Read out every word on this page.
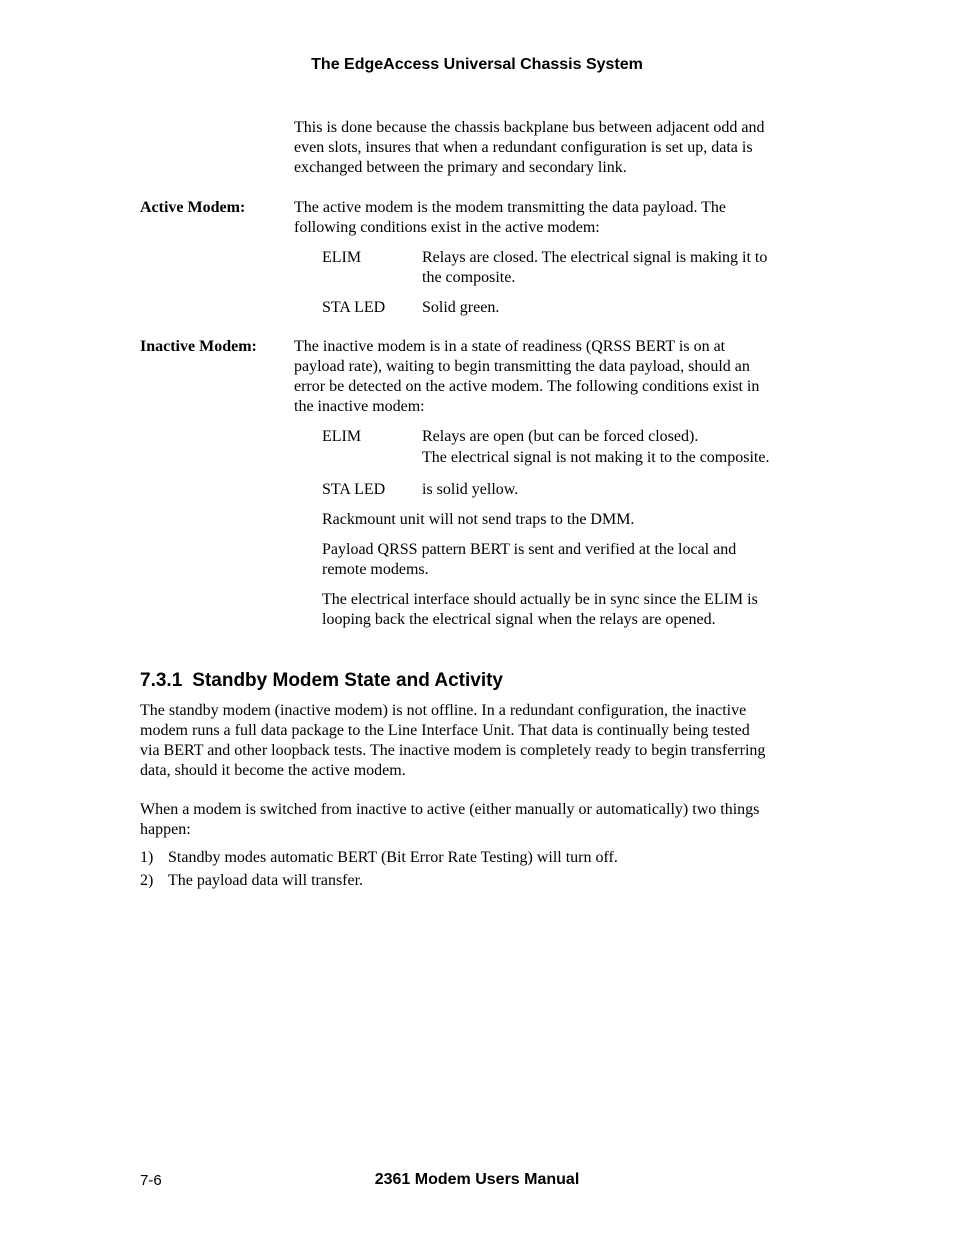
The EdgeAccess Universal Chassis System
This is done because the chassis backplane bus between adjacent odd and
even slots, insures that when a redundant configuration is set up, data is
exchanged between the primary and secondary link.
Active Modem:	The active modem is the modem transmitting the data payload. The
following conditions exist in the active modem:
ELIM	Relays are closed. The electrical signal is making it to
the composite.
STA LED Solid green.
Inactive Modem: The inactive modem is in a state of readiness (QRSS BERT is on at
payload rate), waiting to begin transmitting the data payload, should an
error be detected on the active modem. The following conditions exist in
the inactive modem:
ELIM	Relays are open (but can be forced closed).
The electrical signal is not making it to the composite.
STA LED is solid yellow.
Rackmount unit will not send traps to the DMM.
Payload QRSS pattern BERT is sent and verified at the local and
remote modems.
The electrical interface should actually be in sync since the ELIM is
looping back the electrical signal when the relays are opened.
7.3.1 Standby Modem State and Activity
The standby modem (inactive modem) is not offline. In a redundant configuration, the inactive
modem runs a full data package to the Line Interface Unit. That data is continually being tested
via BERT and other loopback tests. The inactive modem is completely ready to begin transferring
data, should it become the active modem.
When a modem is switched from inactive to active (either manually or automatically) two things
happen:
1) Standby modes automatic BERT (Bit Error Rate Testing) will turn off.
2) The payload data will transfer.
7-6	2361 Modem Users Manual
